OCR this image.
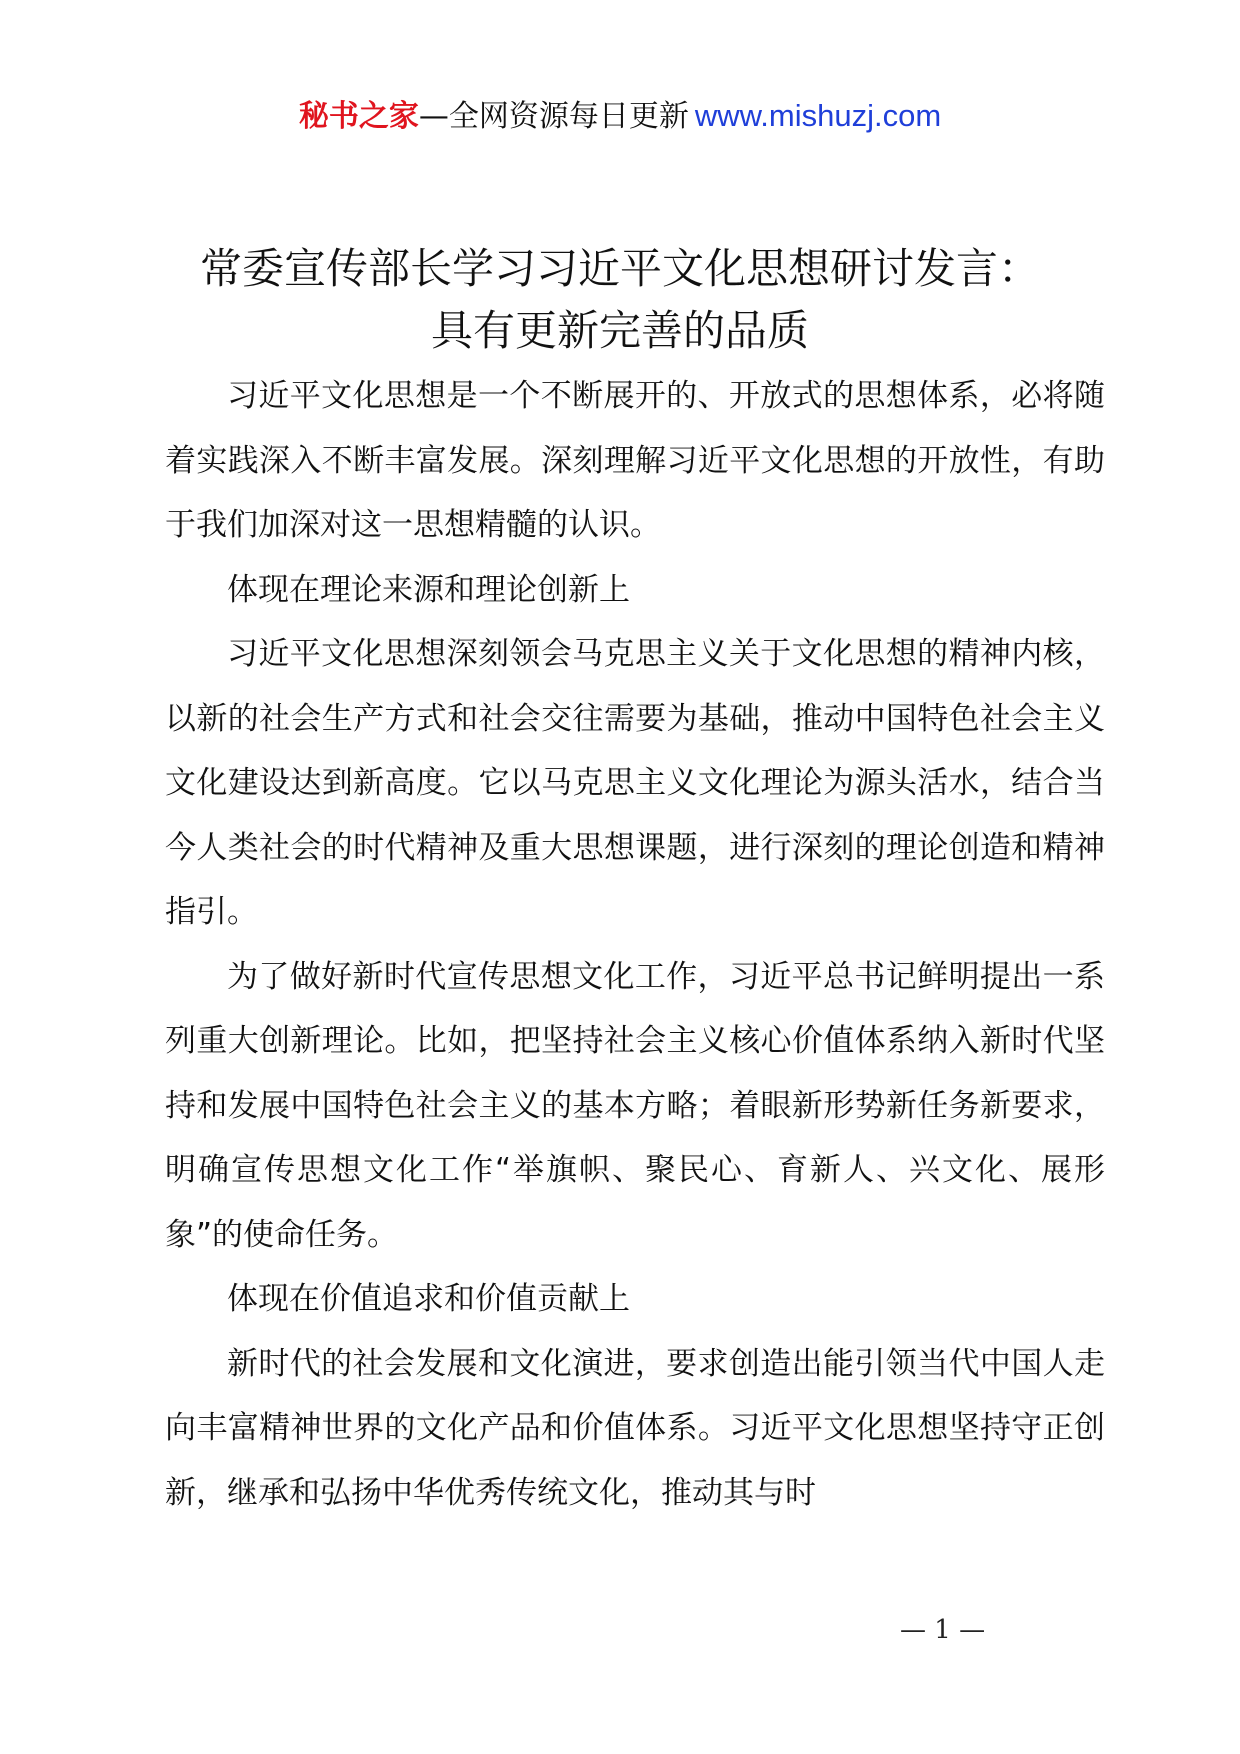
秘书之家—全网资源每日更新 www.mishuzj.com
常委宣传部长学习习近平文化思想研讨发言：
具有更新完善的品质

习近平文化思想是一个不断展开的、开放式的思想体系，必将随着实践深入不断丰富发展。深刻理解习近平文化思想的开放性，有助于我们加深对这一思想精髓的认识。

体现在理论来源和理论创新上

习近平文化思想深刻领会马克思主义关于文化思想的精神内核，以新的社会生产方式和社会交往需要为基础，推动中国特色社会主义文化建设达到新高度。它以马克思主义文化理论为源头活水，结合当今人类社会的时代精神及重大思想课题，进行深刻的理论创造和精神指引。

为了做好新时代宣传思想文化工作，习近平总书记鲜明提出一系列重大创新理论。比如，把坚持社会主义核心价值体系纳入新时代坚持和发展中国特色社会主义的基本方略；着眼新形势新任务新要求，明确宣传思想文化工作“举旗帜、聚民心、育新人、兴文化、展形象”的使命任务。

体现在价值追求和价值贡献上

新时代的社会发展和文化演进，要求创造出能引领当代中国人走向丰富精神世界的文化产品和价值体系。习近平文化思想坚持守正创新，继承和弘扬中华优秀传统文化，推动其与时

— 1 —
